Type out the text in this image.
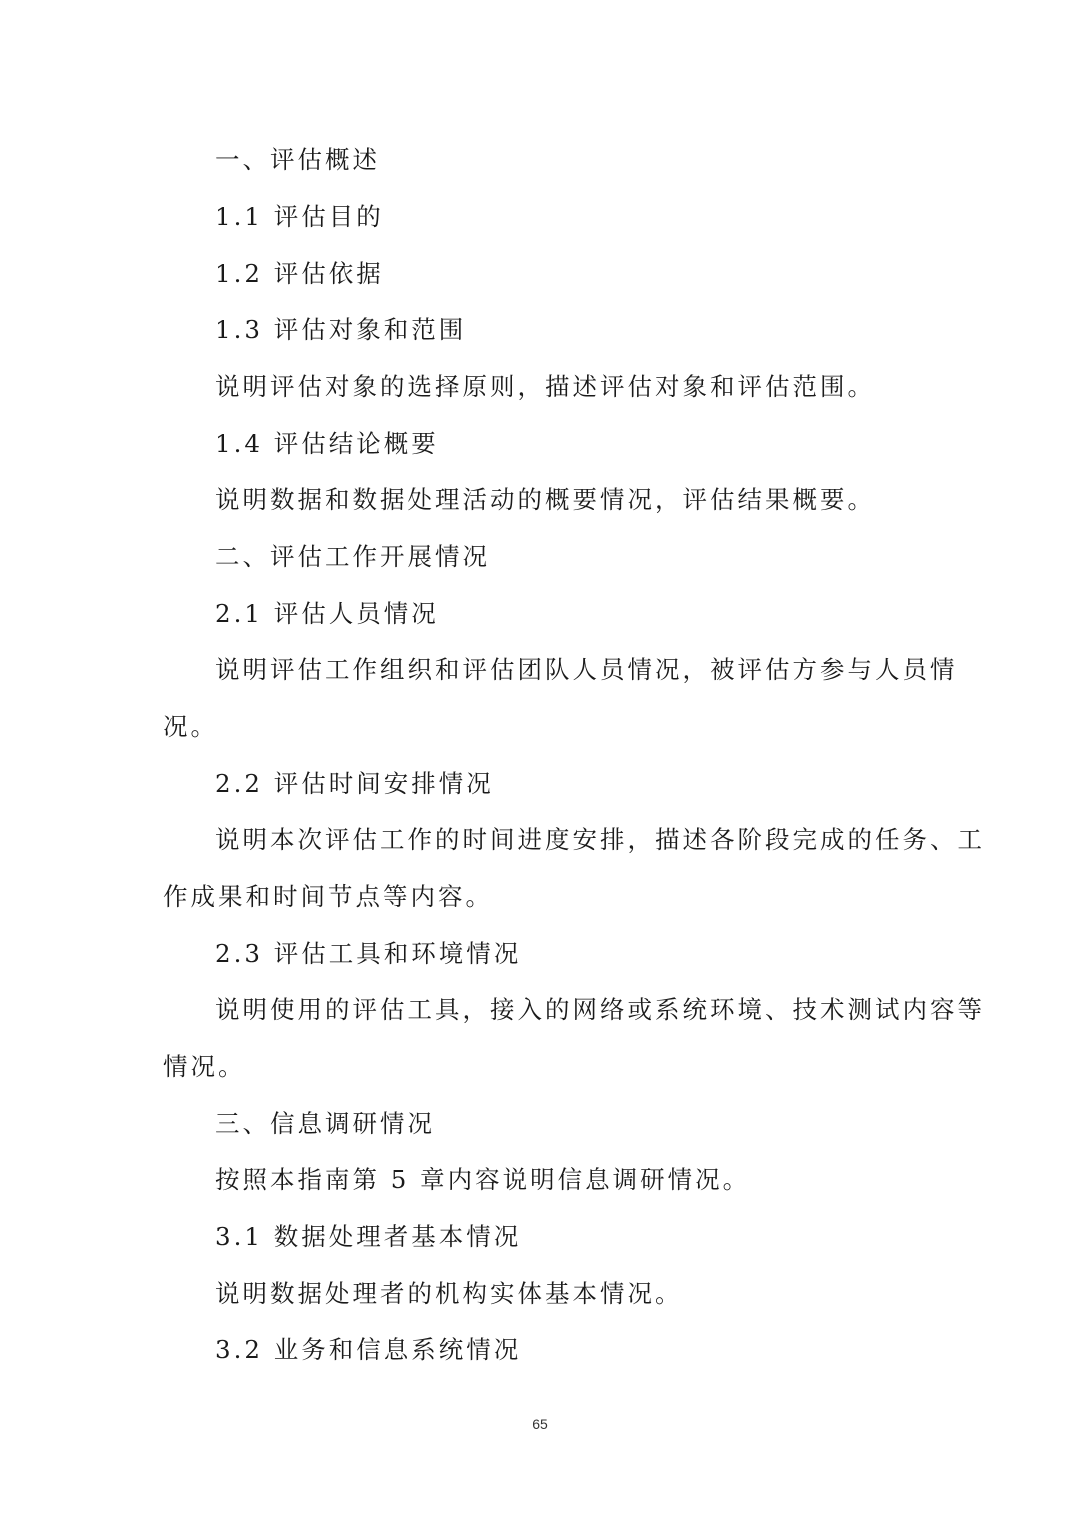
一、评估概述
1.1 评估目的
1.2 评估依据
1.3 评估对象和范围
说明评估对象的选择原则，描述评估对象和评估范围。
1.4 评估结论概要
说明数据和数据处理活动的概要情况，评估结果概要。
二、评估工作开展情况
2.1 评估人员情况
说明评估工作组织和评估团队人员情况，被评估方参与人员情
况。
2.2 评估时间安排情况
说明本次评估工作的时间进度安排，描述各阶段完成的任务、工
作成果和时间节点等内容。
2.3 评估工具和环境情况
说明使用的评估工具，接入的网络或系统环境、技术测试内容等
情况。
三、信息调研情况
按照本指南第 5 章内容说明信息调研情况。
3.1 数据处理者基本情况
说明数据处理者的机构实体基本情况。
3.2 业务和信息系统情况
65
